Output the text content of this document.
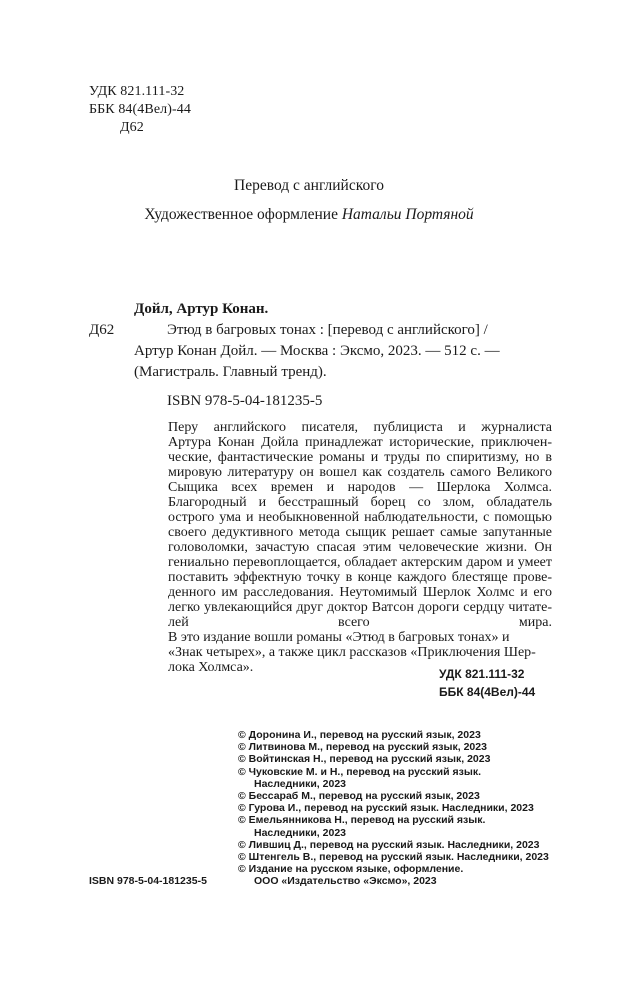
УДК 821.111-32
ББК 84(4Вел)-44
Д62
Перевод с английского
Художественное оформление Натальи Портяной
Дойл, Артур Конан.
Д62	Этюд в багровых тонах : [перевод с английского] /
Артур Конан Дойл. — Москва : Эксмо, 2023. — 512 с. —
(Магистраль. Главный тренд).
ISBN 978-5-04-181235-5

Перу английского писателя, публициста и журналиста
Артура Конан Дойла принадлежат исторические, приключен-
ческие, фантастические романы и труды по спиритизму, но в
мировую литературу он вошел как создатель самого Великого
Сыщика всех времен и народов — Шерлока Холмса.

Благородный и бесстрашный борец со злом, обладатель
острого ума и необыкновенной наблюдательности, с помощью
своего дедуктивного метода сыщик решает самые запутанные
головоломки, зачастую спасая этим человеческие жизни. Он
гениально перевоплощается, обладает актерским даром и умеет
поставить эффектную точку в конце каждого блестяще прове-
денного им расследования. Неутомимый Шерлок Холмс и его
легко увлекающийся друг доктор Ватсон дороги сердцу читате-
лей всего мира.

В это издание вошли романы «Этюд в багровых тонах» и
«Знак четырех», а также цикл рассказов «Приключения Шер-
лока Холмса».	УДК 821.111-32
ББК 84(4Вел)-44
© Доронина И., перевод на русский язык, 2023
© Литвинова М., перевод на русский язык, 2023
© Войтинская Н., перевод на русский язык, 2023
© Чуковские М. и Н., перевод на русский язык.
Наследники, 2023
© Бессараб М., перевод на русский язык, 2023
© Гурова И., перевод на русский язык. Наследники, 2023
© Емельянникова Н., перевод на русский язык.
Наследники, 2023
© Лившиц Д., перевод на русский язык. Наследники, 2023
© Штенгель В., перевод на русский язык. Наследники, 2023
© Издание на русском языке, оформление.
ООО «Издательство «Эксмо», 2023
ISBN 978-5-04-181235-5
